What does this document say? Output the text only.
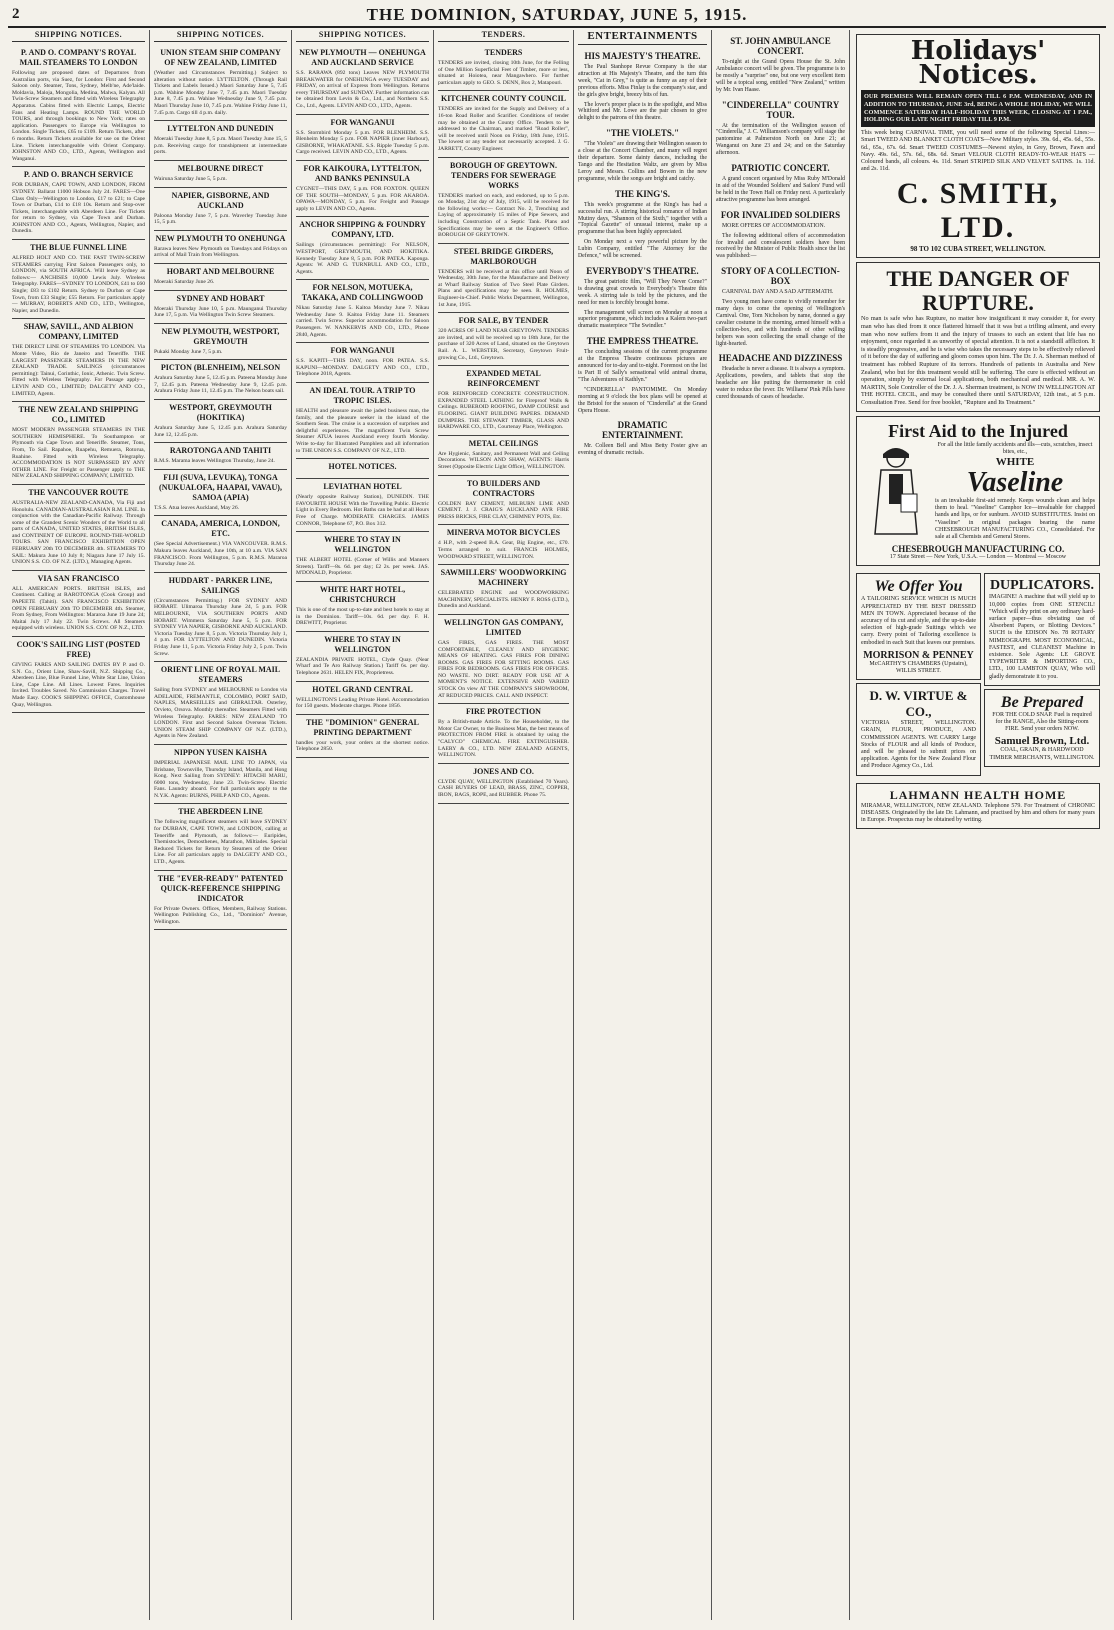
2	THE DOMINION, SATURDAY, JUNE 5, 1915.
SHIPPING NOTICES.
P. AND O. COMPANY'S ROYAL MAIL STEAMERS TO LONDON
Following are proposed dates of Departures from Australian ports, via Suez, for London: First and Second Saloon only. Steamer, Tons, Sydney, Melb'ne, Ade'laide. Moldavia, Maloja, Mongolia, Medina, Malwa, Kalyan. All Twin-Screw Steamers and fitted with Wireless Telegraphy Apparatus. Cabins fitted with Electric Lamps, Electric Fans and Heating Lamps. ROUND THE WORLD TOURS, and through bookings to New York; rates on application. Passengers to Europe via Wellington to London. Single Tickets, £65 to £109. Return Tickets, after 6 months. Return Tickets available for use on the Orient Line. Tickets interchangeable with Orient Company. JOHNSTON AND CO., LTD., Agents, Wellington and Wanganui.
P. AND O. BRANCH SERVICE
FOR DURBAN, CAPE TOWN, AND LONDON, FROM SYDNEY. Ballarat 11000 Hobson July 24. FARES—One Class Only—Wellington to London, £17 to £21; to Cape Town or Durban, £14 to £18 10s. Return and Stop-over Tickets, interchangeable with Aberdeen Line. For Tickets for return to Sydney, via Cape Town and Durban. JOHNSTON AND CO., Agents, Wellington, Napier, and Dunedin.
THE BLUE FUNNEL LINE
ALFRED HOLT AND CO. THE FAST TWIN-SCREW STEAMERS carrying First Saloon Passengers only, to LONDON, via SOUTH AFRICA. Will leave Sydney as follows:— ANCHISES 10,000 Lewis July. Wireless Telegraphy. FARES—SYDNEY TO LONDON, £41 to £60 Single; £83 to £102 Return. Sydney to Durban or Cape Town, from £33 Single; £55 Return. For particulars apply— MURRAY, ROBERTS AND CO., LTD., Wellington, Napier, and Dunedin.
SHAW, SAVILL, AND ALBION COMPANY, LIMITED
THE DIRECT LINE OF STEAMERS TO LONDON. Via Monte Video, Rio de Janeiro and Teneriffe. THE LARGEST PASSENGER STEAMERS IN THE NEW ZEALAND TRADE. SAILINGS (circumstances permitting): Tainui, Corinthic, Ionic, Athenic. Twin Screw. Fitted with Wireless Telegraphy. For Passage apply— LEVIN AND CO., LIMITED; DALGETY AND CO., LIMITED, Agents.
THE NEW ZEALAND SHIPPING CO., LIMITED
MOST MODERN PASSENGER STEAMERS IN THE SOUTHERN HEMISPHERE. To Southampton or Plymouth via Cape Town and Teneriffe. Steamer, Tons, From, To Sail. Rapahoe, Ruapehu, Remuera, Rotorua, Ruahine. Fitted with Wireless Telegraphy. ACCOMMODATION IS NOT SURPASSED BY ANY OTHER LINE. For Freight or Passenger apply to THE NEW ZEALAND SHIPPING COMPANY, LIMITED.
THE VANCOUVER ROUTE
AUSTRALIA-NEW ZEALAND-CANADA, Via Fiji and Honolulu. CANADIAN-AUSTRALASIAN R.M. LINE. In conjunction with the Canadian-Pacific Railway. Through some of the Grandest Scenic Wonders of the World to all parts of CANADA, UNITED STATES, BRITISH ISLES, and CONTINENT OF EUROPE. ROUND-THE-WORLD TOURS. SAN FRANCISCO EXHIBITION OPEN FEBRUARY 20th TO DECEMBER 4th. STEAMERS TO SAIL: Makura June 10 July 8; Niagara June 17 July 15. UNION S.S. CO. OF N.Z. (LTD.), Managing Agents.
VIA SAN FRANCISCO
ALL AMERICAN PORTS. BRITISH ISLES, and Continent. Calling at RAROTONGA (Cook Group) and PAPEETE (Tahiti). SAN FRANCISCO EXHIBITION OPEN FEBRUARY 20th TO DECEMBER 4th. Steamer, From Sydney, From Wellington: Mararoa June 19 June 24; Maitai July 17 July 22. Twin Screws. All Steamers equipped with wireless. UNION S.S. COY. OF N.Z., LTD.
COOK'S SAILING LIST (POSTED FREE)
GIVING FARES AND SAILING DATES BY P. and O. S.N. Co., Orient Line, Shaw-Savill, N.Z. Shipping Co., Aberdeen Line, Blue Funnel Line, White Star Line, Union Line, Cape Line. All Lines. Lowest Fares. Inquiries Invited. Troubles Saved. No Commission Charges. Travel Made Easy. COOK'S SHIPPING OFFICE, Customhouse Quay, Wellington.
SHIPPING NOTICES.
UNION STEAM SHIP COMPANY OF NEW ZEALAND, LIMITED
(Weather and Circumstances Permitting.) Subject to alteration without notice. LYTTELTON. (Through Rail Tickets and Labels Issued.) Maori Saturday June 5, 7.45 p.m. Wahine Monday June 7, 7.45 p.m. Maori Tuesday June 8, 7.45 p.m. Wahine Wednesday June 9, 7.45 p.m. Maori Thursday June 10, 7.45 p.m. Wahine Friday June 11, 7.45 p.m. Cargo till 4 p.m. daily.
LYTTELTON AND DUNEDIN
Moeraki Tuesday June 8, 5 p.m. Maori Tuesday June 15, 5 p.m. Receiving cargo for transhipment at intermediate ports.
MELBOURNE DIRECT
Wairuna Saturday June 5, 5 p.m.
NAPIER, GISBORNE, AND AUCKLAND
Paloona Monday June 7, 5 p.m. Waverley Tuesday June 15, 5 p.m.
NEW PLYMOUTH TO ONEHUNGA
Rarawa leaves New Plymouth on Tuesdays and Fridays on arrival of Mail Train from Wellington.
HOBART AND MELBOURNE
Moeraki Saturday June 26.
SYDNEY AND HOBART
Moeraki Thursday June 10, 5 p.m. Maunganui Thursday June 17, 5 p.m. Via Wellington Twin Screw Steamers.
NEW PLYMOUTH, WESTPORT, GREYMOUTH
Pukaki Monday June 7, 5 p.m.
PICTON (BLENHEIM), NELSON
Arahura Saturday June 5, 12.45 p.m. Pateena Monday June 7, 12.45 p.m. Pateena Wednesday June 9, 12.45 p.m. Arahura Friday June 11, 12.45 p.m. The Nelson boats sail.
WESTPORT, GREYMOUTH (HOKITIKA)
Arahura Saturday June 5, 12.45 p.m. Arahura Saturday June 12, 12.45 p.m.
RAROTONGA AND TAHITI
R.M.S. Marama leaves Wellington Thursday, June 24.
FIJI (SUVA, LEVUKA), TONGA (NUKUALOFA, HAAPAI, VAVAU), SAMOA (APIA)
T.S.S. Atua leaves Auckland, May 26.
CANADA, AMERICA, LONDON, ETC.
(See Special Advertisement.) VIA VANCOUVER. R.M.S. Makura leaves Auckland, June 10th, at 10 a.m. VIA SAN FRANCISCO. From Wellington, 5 p.m. R.M.S. Mararoa Thursday June 24.
HUDDART - PARKER LINE, SAILINGS
(Circumstances Permitting.) FOR SYDNEY AND HOBART. Ulimaroa Thursday June 24, 5 p.m. FOR MELBOURNE, VIA SOUTHERN PORTS AND HOBART. Wimmera Saturday June 5, 5 p.m. FOR SYDNEY VIA NAPIER, GISBORNE AND AUCKLAND. Victoria Tuesday June 8, 5 p.m. Victoria Thursday July 1, 4 p.m. FOR LYTTELTON AND DUNEDIN. Victoria Friday June 11, 5 p.m. Victoria Friday July 2, 5 p.m. Twin Screw.
ORIENT LINE OF ROYAL MAIL STEAMERS
Sailing from SYDNEY and MELBOURNE to London via ADELAIDE, FREMANTLE, COLOMBO, PORT SAID, NAPLES, MARSEILLES and GIBRALTAR. Osterley, Orvieto, Orsova. Monthly thereafter. Steamers Fitted with Wireless Telegraphy. FARES: NEW ZEALAND TO LONDON. First and Second Saloon Overseas Tickets. UNION STEAM SHIP COMPANY OF N.Z. (LTD.), Agents in New Zealand.
NIPPON YUSEN KAISHA
IMPERIAL JAPANESE MAIL LINE TO JAPAN, via Brisbane, Townsville, Thursday Island, Manila, and Hong Kong. Next Sailing from SYDNEY: HITACHI MARU, 6000 tons, Wednesday, June 23. Twin-Screw. Electric Fans. Laundry aboard. For full particulars apply to the N.Y.K. Agents: BURNS, PHILP AND CO., Agents.
THE ABERDEEN LINE
The following magnificent steamers will leave SYDNEY for DURBAN, CAPE TOWN, and LONDON, calling at Teneriffe and Plymouth, as follows:— Euripides, Themistocles, Demosthenes, Marathon, Miltiades. Special Reduced Tickets for Return by Steamers of the Orient Line. For all particulars apply to DALGETY AND CO., LTD., Agents.
THE "EVER-READY" PATENTED QUICK-REFERENCE SHIPPING INDICATOR
For Private Owners. Offices, Members, Railway Stations. Wellington Publishing Co., Ltd., "Dominion" Avenue, Wellington.
SHIPPING NOTICES.
NEW PLYMOUTH — ONEHUNGA AND AUCKLAND SERVICE
S.S. RARAWA (892 tons) Leaves NEW PLYMOUTH BREAKWATER for ONEHUNGA every TUESDAY and FRIDAY, on arrival of Express from Wellington. Returns every THURSDAY and SUNDAY. Further information can be obtained from Levin & Co., Ltd., and Northern S.S. Co., Ltd., Agents. LEVIN AND CO., LTD., Agents.
FOR WANGANUI
S.S. Stormbird Monday 5 p.m. FOR BLENHEIM. S.S. Blenheim Monday 5 p.m. FOR NAPIER (inner Harbour), GISBORNE, WHAKATANE. S.S. Ripple Tuesday 5 p.m. Cargo received. LEVIN AND CO., LTD., Agents.
FOR KAIKOURA, LYTTELTON, AND BANKS PENINSULA
CYGNET—THIS DAY, 5 p.m. FOR FOXTON. QUEEN OF THE SOUTH—MONDAY, 5 p.m. FOR AKAROA. OPAWA—MONDAY, 5 p.m. For Freight and Passage apply to LEVIN AND CO., Agents.
ANCHOR SHIPPING & FOUNDRY COMPANY, LTD.
Sailings (circumstances permitting): For NELSON, WESTPORT, GREYMOUTH, AND HOKITIKA. Kennedy Tuesday June 8, 5 p.m. FOR PATEA. Kaponga. Agents: W. AND G. TURNBULL AND CO., LTD., Agents.
FOR NELSON, MOTUEKA, TAKAKA, AND COLLINGWOOD
Nikau Saturday June 5. Kaitoa Monday June 7. Nikau Wednesday June 9. Kaitoa Friday June 11. Steamers carried. Twin Screw. Superior accommodation for Saloon Passengers. W. NANKERVIS AND CO., LTD., Phone 2840, Agents.
FOR WANGANUI
S.S. KAPITI—THIS DAY, noon. FOR PATEA. S.S. KAPUNI—MONDAY. DALGETY AND CO., LTD., Telephone 2018, Agents.
AN IDEAL TOUR. A TRIP TO TROPIC ISLES.
HEALTH and pleasure await the jaded business man, the family, and the pleasure seeker in the island of the Southern Seas. The cruise is a succession of surprises and delightful experiences. The magnificent Twin Screw Steamer ATUA leaves Auckland every fourth Monday. Write to-day for Illustrated Pamphlets and all information to THE UNION S.S. COMPANY OF N.Z., LTD.
HOTEL NOTICES.
LEVIATHAN HOTEL
(Nearly opposite Railway Station), DUNEDIN. THE FAVOURITE HOUSE With the Travelling Public. Electric Light in Every Bedroom. Hot Baths can be had at all Hours Free of Charge. MODERATE CHARGES. JAMES CONNOR, Telephone 67, P.O. Box 312.
WHERE TO STAY IN WELLINGTON
THE ALBERT HOTEL (Corner of Willis and Manners Streets). Tariff—8s. 6d. per day; £2 2s. per week. JAS. M'DONALD, Proprietor.
WHITE HART HOTEL, CHRISTCHURCH
This is one of the most up-to-date and best hotels to stay at in the Dominion. Tariff—10s. 6d. per day. F. H. DREWITT, Proprietor.
WHERE TO STAY IN WELLINGTON
ZEALANDIA PRIVATE HOTEL, Clyde Quay. (Near Wharf and Te Aro Railway Station.) Tariff 6s. per day. Telephone 2631. HELEN FIX, Proprietress.
HOTEL GRAND CENTRAL
WELLINGTON'S Leading Private Hotel. Accommodation for 150 guests. Moderate charges. Phone 1856.
THE "DOMINION" GENERAL PRINTING DEPARTMENT
handles your work, your orders at the shortest notice. Telephone 2850.
TENDERS.
TENDERS
TENDERS are invited, closing 10th June, for the Felling of One Million Superficial Feet of Timber, more or less, situated at Hoiotea, near Mangawhero. For further particulars apply to GEO. S. DENN, Box 2, Matapouri.
KITCHENER COUNTY COUNCIL
TENDERS are invited for the Supply and Delivery of a 16-ton Road Roller and Scarifier. Conditions of tender may be obtained at the County Office. Tenders to be addressed to the Chairman, and marked "Road Roller", will be received until Noon on Friday, 18th June, 1915. The lowest or any tender not necessarily accepted. J. G. JARRETT, County Engineer.
BOROUGH OF GREYTOWN. TENDERS FOR SEWERAGE WORKS
TENDERS marked on each, and endorsed, up to 5 p.m. on Monday, 21st day of July, 1915, will be received for the following works:— Contract No. 2, Trenching and Laying of approximately 15 miles of Pipe Sewers, and including Construction of a Septic Tank. Plans and Specifications may be seen at the Engineer's Office. BOROUGH OF GREYTOWN.
STEEL BRIDGE GIRDERS, MARLBOROUGH
TENDERS will be received at this office until Noon of Wednesday, 30th June, for the Manufacture and Delivery at Wharf Railway Station of Two Steel Plate Girders. Plans and specifications may be seen. R. HOLMES, Engineer-in-Chief. Public Works Department, Wellington, 1st June, 1915.
FOR SALE, BY TENDER
320 ACRES OF LAND NEAR GREYTOWN. TENDERS are invited, and will be received up to 18th June, for the purchase of 320 Acres of Land, situated on the Greytown Rail. A. L. WEBSTER, Secretary, Greytown Fruit-growing Co., Ltd., Greytown.
EXPANDED METAL REINFORCEMENT
FOR REINFORCED CONCRETE CONSTRUCTION. EXPANDED STEEL LATHING for Fireproof Walls & Ceilings. RUBEROID ROOFING, DAMP COURSE and FLOORING. GIANT BUILDING PAPERS. DEMAND DUMPERS. THE STEWART TIMBER, GLASS AND HARDWARE CO., LTD., Courtenay Place, Wellington.
METAL CEILINGS
Are Hygienic, Sanitary, and Permanent Wall and Ceiling Decorations. WILSON AND SHAW, AGENTS: Harris Street (Opposite Electric Light Office), WELLINGTON.
TO BUILDERS AND CONTRACTORS
GOLDEN BAY CEMENT, MILBURN LIME AND CEMENT. J. J. CRAIG'S AUCKLAND AYR FIRE PRESS BRICKS, FIRE CLAY, CHIMNEY POTS, Etc.
MINERVA MOTOR BICYCLES
4 H.P., with 2-speed B.A. Gear, Big Engine, etc., £70. Terms arranged to suit. FRANCIS HOLMES, WOODWARD STREET, WELLINGTON.
SAWMILLERS' WOODWORKING MACHINERY
CELEBRATED ENGINE and WOODWORKING MACHINERY, SPECIALISTS. HENRY F. ROSS (LTD.), Dunedin and Auckland.
WELLINGTON GAS COMPANY, LIMITED
GAS FIRES, GAS FIRES. THE MOST COMFORTABLE, CLEANLY AND HYGIENIC MEANS OF HEATING. GAS FIRES FOR DINING ROOMS. GAS FIRES FOR SITTING ROOMS. GAS FIRES FOR BEDROOMS. GAS FIRES FOR OFFICES. NO WASTE. NO DIRT. READY FOR USE AT A MOMENT'S NOTICE. EXTENSIVE AND VARIED STOCK On view AT THE COMPANY'S SHOWROOM, AT REDUCED PRICES. CALL AND INSPECT.
FIRE PROTECTION
By a British-made Article. To the Householder, to the Motor Car Owner, to the Business Man, the best means of PROTECTION FROM FIRE is obtained by using the "CALYCO" CHEMICAL FIRE EXTINGUISHER. LAERY & CO., LTD. NEW ZEALAND AGENTS, WELLINGTON.
JONES AND CO.
CLYDE QUAY, WELLINGTON (Established 70 Years). CASH BUYERS OF LEAD, BRASS, ZINC, COPPER, IRON, BAGS, ROPE, and RUBBER. Phone 75.
ENTERTAINMENTS
HIS MAJESTY'S THEATRE.
The Paul Stanhope Revue Company is the star attraction at His Majesty's Theatre, and the turn this week, "Cat in Grey," is quite as funny as any of their previous efforts. Miss Finlay is the company's star, and the girls give bright, breezy bits of fun.
The lover's proper place is in the spotlight, and Miss Whitford and Mr. Lowe are the pair chosen to give delight to the patrons of this theatre.
"THE VIOLETS."
"The Violets" are drawing their Wellington season to a close at the Concert Chamber, and many will regret their departure. Some dainty dances, including the Tango and the Hesitation Waltz, are given by Miss Leroy and Messrs. Collins and Bowen in the new programme, while the songs are bright and catchy.
THE KING'S.
This week's programme at the King's has had a successful run. A stirring historical romance of Indian Mutiny days, "Shannon of the Sixth," together with a "Topical Gazette" of unusual interest, make up a programme that has been highly appreciated.
On Monday next a very powerful picture by the Lubin Company, entitled "The Attorney for the Defence," will be screened.
EVERYBODY'S THEATRE.
The great patriotic film, "Will They Never Come?" is drawing great crowds to Everybody's Theatre this week. A stirring tale is told by the pictures, and the need for men is forcibly brought home.
The management will screen on Monday at noon a superior programme, which includes a Kalem two-part dramatic masterpiece "The Swindler."
THE EMPRESS THEATRE.
The concluding sessions of the current programme at the Empress Theatre continuous pictures are announced for to-day and to-night. Foremost on the list is Part II of Sally's sensational wild animal drama, "The Adventures of Kathlyn."
"CINDERELLA" PANTOMIME. On Monday morning at 9 o'clock the box plans will be opened at the Bristol for the season of "Cinderella" at the Grand Opera House.
DRAMATIC ENTERTAINMENT.
Mr. Colleen Bell and Miss Betty Foster give an evening of dramatic recitals.
ST. JOHN AMBULANCE CONCERT.
To-night at the Grand Opera House the St. John Ambulance concert will be given. The programme is to be mostly a "surprise" one, but one very excellent item will be a topical song, entitled "New Zealand," written by Mr. Ivan Haase.
"CINDERELLA" COUNTRY TOUR.
At the termination of the Wellington season of "Cinderella," J. C. Williamson's company will stage the pantomime at Palmerston North on June 21; at Wanganui on June 23 and 24; and on the Saturday afternoon.
PATRIOTIC CONCERT.
A grand concert organised by Miss Ruby M'Donald in aid of the Wounded Soldiers' and Sailors' Fund will be held in the Town Hall on Friday next. A particularly attractive programme has been arranged.
FOR INVALIDED SOLDIERS
MORE OFFERS OF ACCOMMODATION.
The following additional offers of accommodation for invalid and convalescent soldiers have been received by the Minister of Public Health since the list was published:—
STORY OF A COLLECTION-BOX
CARNIVAL DAY AND A SAD AFTERMATH.
Two young men have come to vividly remember for many days to come the opening of Wellington's Carnival. One, Tom Nicholson by name, donned a gay cavalier costume in the morning, armed himself with a collection-box, and with hundreds of other willing helpers was soon collecting the small change of the light-hearted.
HEADACHE AND DIZZINESS
Headache is never a disease. It is always a symptom. Applications, powders, and tablets that stop the headache are like putting the thermometer in cold water to reduce the fever. Dr. Williams' Pink Pills have cured thousands of cases of headache.
Holidays' Notices.
OUR PREMISES WILL REMAIN OPEN TILL 6 P.M. WEDNESDAY, AND IN ADDITION TO THURSDAY, JUNE 3rd, BEING A WHOLE HOLIDAY, WE WILL COMMENCE SATURDAY HALF-HOLIDAY THIS WEEK, CLOSING AT 1 P.M., HOLDING OUR LATE NIGHT FRIDAY TILL 9 P.M.
This week being CARNIVAL TIME, you will need some of the following Special Lines:— Smart TWEED AND BLANKET CLOTH COATS—New Military styles. 39s. 6d., 45s. 6d., 55s. 6d., 65s., 67s. 6d. Smart TWEED COSTUMES—Newest styles, in Grey, Brown, Fawn and Navy. 49s. 6d., 57s. 6d., 68s. 6d. Smart VELOUR CLOTH READY-TO-WEAR HATS — Coloured bands, all colours. 4s. 11d. Smart STRIPED SILK AND VELVET SATINS. 1s. 11d. and 2s. 11d.
C. SMITH, LTD.
98 TO 102 CUBA STREET, WELLINGTON.
THE DANGER OF RUPTURE.
No man is safe who has Rupture, no matter how insignificant it may consider it, for every man who has died from it once flattered himself that it was but a trifling ailment, and every man who now suffers from it and the injury of trusses to such an extent that life has no enjoyment, once regarded it as unworthy of special attention. It is not a standstill affliction. It is steadily progressive, and he is wise who takes the necessary steps to be effectively relieved of it before the day of suffering and gloom comes upon him. The Dr. J. A. Sherman method of treatment has robbed Rupture of its terrors. Hundreds of patients in Australia and New Zealand, who but for this treatment would still be suffering. The cure is effected without an operation, simply by external local applications, both mechanical and medical. MR. A. W. MARTIN, Sole Controller of the Dr. J. A. Sherman treatment, is NOW IN WELLINGTON AT THE HOTEL CECIL, and may be consulted there until SATURDAY, 12th inst., at 5 p.m. Consultation Free. Send for free booklet, "Rupture and Its Treatment."
First Aid to the Injured
For all the little family accidents and ills—cuts, scratches, insect bites, etc.,
WHITE
Vaseline
is an invaluable first-aid remedy. Keeps wounds clean and helps them to heal. "Vaseline" Camphor Ice—invaluable for chapped hands and lips, or for sunburn. AVOID SUBSTITUTES. Insist on "Vaseline" in original packages bearing the name CHESEBROUGH MANUFACTURING CO., Consolidated. For sale at all Chemists and General Stores.
CHESEBROUGH MANUFACTURING CO.
17 State Street — New York, U.S.A. — London — Montreal — Moscow
We Offer You
A TAILORING SERVICE WHICH IS MUCH APPRECIATED BY THE BEST DRESSED MEN IN TOWN. Appreciated because of the accuracy of its cut and style, and the up-to-date selection of high-grade Suitings which we carry. Every point of Tailoring excellence is embodied in each Suit that leaves our premises.
MORRISON & PENNEY
McCARTHY'S CHAMBERS (Upstairs), WILLIS STREET.
D. W. VIRTUE & CO.,
VICTORIA STREET, WELLINGTON. GRAIN, FLOUR, PRODUCE, AND COMMISSION AGENTS. WE CARRY Large Stocks of FLOUR and all kinds of Produce, and will be pleased to submit prices on application. Agents for the New Zealand Flour and Produce Agency Co., Ltd.
DUPLICATORS.
IMAGINE! A machine that will yield up to 10,000 copies from ONE STENCIL! "Which will dry print on any ordinary hard-surface paper—thus obviating use of Absorbent Papers, or Blotting Devices." SUCH is the EDISON No. 78 ROTARY MIMEOGRAPH. MOST ECONOMICAL, FASTEST, and CLEANEST Machine in existence. Sole Agents: LE GROVE TYPEWRITER & IMPORTING CO., LTD., 100 LAMBTON QUAY, Who will gladly demonstrate it to you.
Be Prepared
FOR THE COLD SNAP. Fuel is required for the RANGE, Also the Sitting-room FIRE. Send your orders NOW.
Samuel Brown, Ltd.
COAL, GRAIN, & HARDWOOD TIMBER MERCHANTS, WELLINGTON.
LAHMANN HEALTH HOME
MIRAMAR, WELLINGTON, NEW ZEALAND. Telephone 579. For Treatment of CHRONIC DISEASES. Originated by the late Dr. Lahmann, and practised by him and others for many years in Europe. Prospectus may be obtained by writing.
